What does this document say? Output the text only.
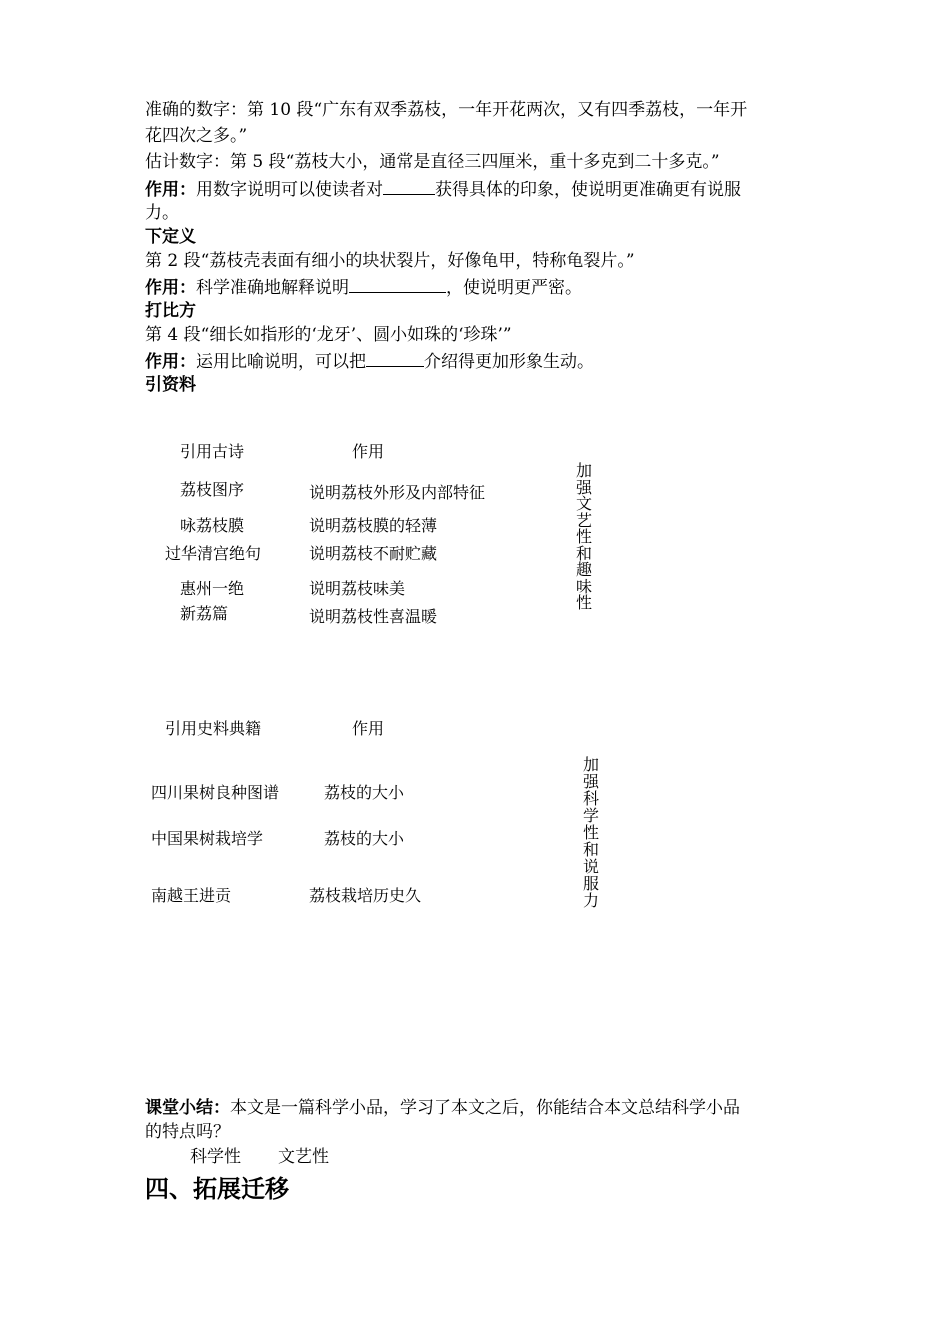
准确的数字：第 10 段“广东有双季荔枝，一年开花两次，又有四季荔枝，一年开
花四次之多。”
估计数字：第 5 段“荔枝大小，通常是直径三四厘米，重十多克到二十多克。”
作用：用数字说明可以使读者对	获得具体的印象，使说明更准确更有说服
力。
下定义
第 2 段“荔枝壳表面有细小的块状裂片，好像龟甲，特称龟裂片。”
作用：科学准确地解释说明	，使说明更严密。
打比方
第 4 段“细长如指形的‘龙牙’、圆小如珠的‘珍珠’”
作用：运用比喻说明，可以把	介绍得更加形象生动。
引资料
引用古诗	作用
荔枝图序	说明荔枝外形及内部特征
咏荔枝膜	说明荔枝膜的轻薄
过华清宫绝句	说明荔枝不耐贮藏
惠州一绝	说明荔枝味美
新荔篇	说明荔枝性喜温暖
加强文艺性和趣味性
引用史料典籍	作用
四川果树良种图谱	荔枝的大小
中国果树栽培学	荔枝的大小
南越王进贡	荔枝栽培历史久
加强科学性和说服力
课堂小结：本文是一篇科学小品，学习了本文之后，你能结合本文总结科学小品
的特点吗？
科学性 文艺性
四、拓展迁移
